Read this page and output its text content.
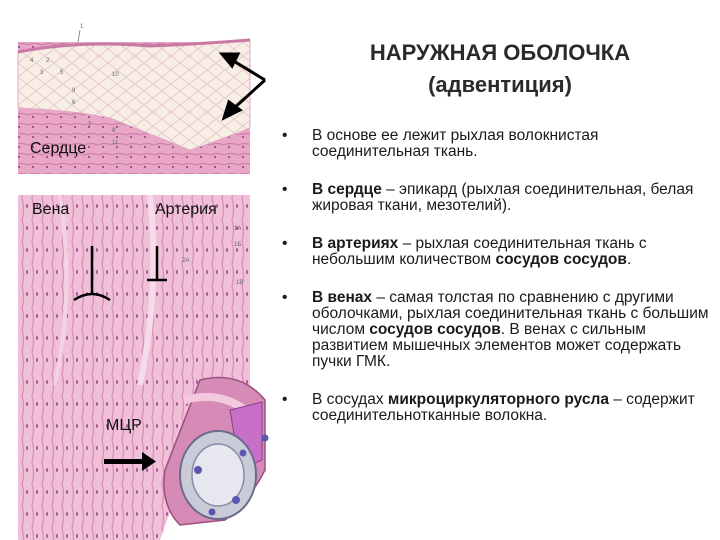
НАРУЖНАЯ ОБОЛОЧКА
(адвентиция)
Сердце
Вена	Артерия
МЦР
• В основе ее лежит рыхлая волокнистая соединительная ткань.
• В сердце – эпикард (рыхлая соединительная, белая жировая ткани, мезотелий).
• В артериях – рыхлая соединительная ткань с небольшим количеством сосудов сосудов.
• В венах – самая толстая по сравнению с другими оболочками, рыхлая соединительная ткань с большим числом сосудов сосудов. В венах с сильным развитием мышечных элементов может содержать пучки ГМК.
• В сосудах микроциркуляторного русла – содержит соединительнотканные волокна.
1
2
3
4
5
6
7
8
9
10
11
1А
1Б
2А
1В
